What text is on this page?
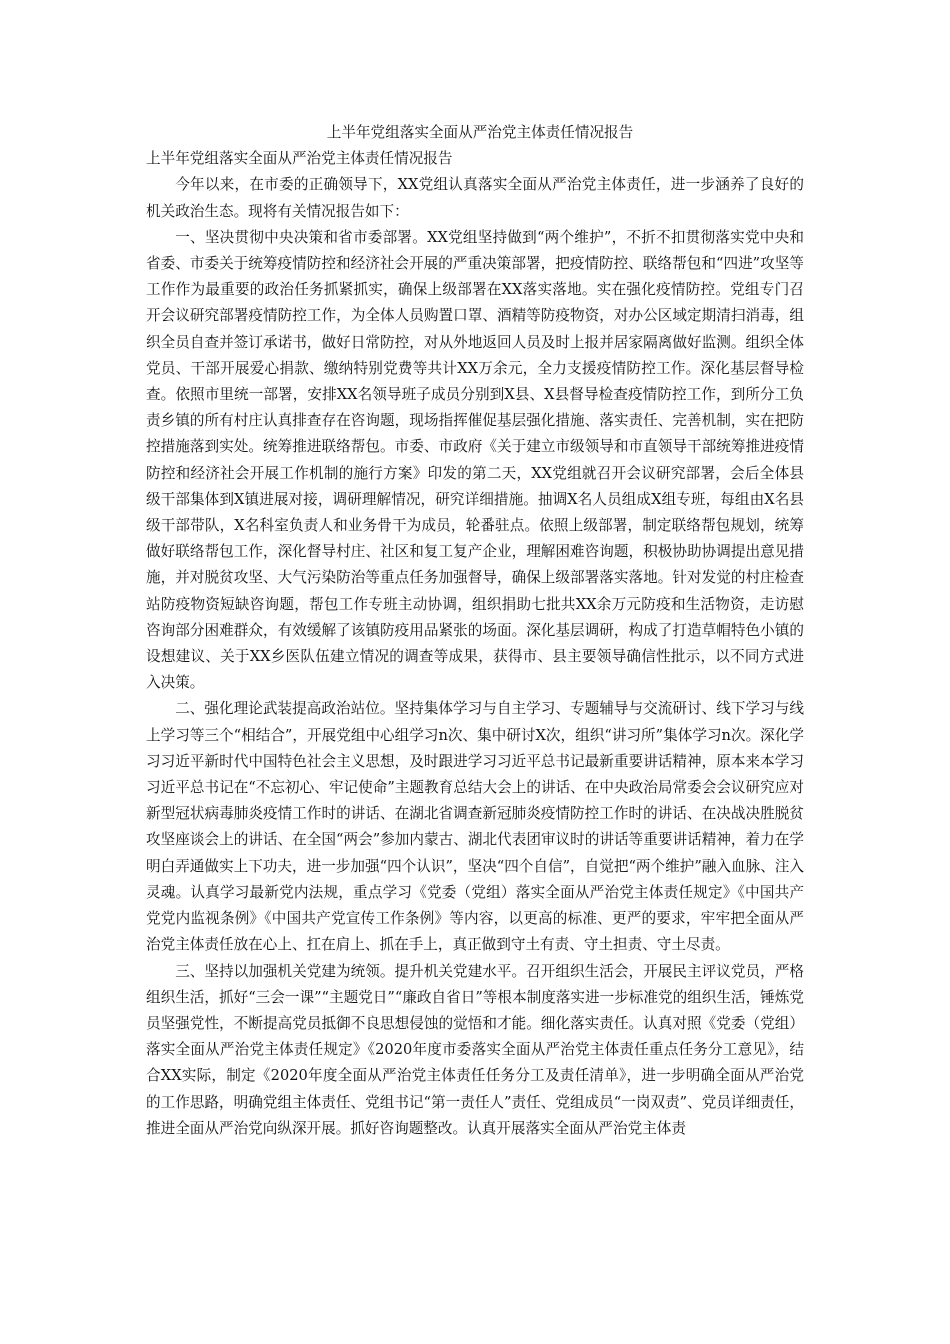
上半年党组落实全面从严治党主体责任情况报告
上半年党组落实全面从严治党主体责任情况报告

今年以来，在市委的正确领导下，XX党组认真落实全面从严治党主体责任，进一步涵养了良好的机关政治生态。现将有关情况报告如下：

一、坚决贯彻中央决策和省市委部署。XX党组坚持做到“两个维护”，不折不扣贯彻落实党中央和省委、市委关于统筹疫情防控和经济社会开展的严重决策部署，把疫情防控、联络帮包和“四进”攻坚等工作作为最重要的政治任务抓紧抓实，确保上级部署在XX落实落地。实在强化疫情防控。党组专门召开会议研究部署疫情防控工作，为全体人员购置口罩、酒精等防疫物资，对办公区域定期清扫消毒，组织全员自查并签订承诺书，做好日常防控，对从外地返回人员及时上报并居家隔离做好监测。组织全体党员、干部开展爱心捐款、缴纳特别党费等共计XX万余元，全力支援疫情防控工作。深化基层督导检查。依照市里统一部署，安排XX名领导班子成员分别到X县、X县督导检查疫情防控工作，到所分工负责乡镇的所有村庄认真排查存在咨询题，现场指挥催促基层强化措施、落实责任、完善机制，实在把防控措施落到实处。统筹推进联络帮包。市委、市政府《关于建立市级领导和市直领导干部统筹推进疫情防控和经济社会开展工作机制的施行方案》印发的第二天，XX党组就召开会议研究部署，会后全体县级干部集体到X镇进展对接，调研理解情况，研究详细措施。抽调X名人员组成X组专班，每组由X名县级干部带队，X名科室负责人和业务骨干为成员，轮番驻点。依照上级部署，制定联络帮包规划，统筹做好联络帮包工作，深化督导村庄、社区和复工复产企业，理解困难咨询题，积极协助协调提出意见措施，并对脱贫攻坚、大气污染防治等重点任务加强督导，确保上级部署落实落地。针对发觉的村庄检查站防疫物资短缺咨询题，帮包工作专班主动协调，组织捐助七批共XX余万元防疫和生活物资，走访慰咨询部分困难群众，有效缓解了该镇防疫用品紧张的场面。深化基层调研，构成了打造草帽特色小镇的设想建议、关于XX乡医队伍建立情况的调查等成果，获得市、县主要领导确信性批示，以不同方式进入决策。

二、强化理论武装提高政治站位。坚持集体学习与自主学习、专题辅导与交流研讨、线下学习与线上学习等三个“相结合”，开展党组中心组学习n次、集中研讨X次，组织“讲习所”集体学习n次。深化学习习近平新时代中国特色社会主义思想，及时跟进学习习近平总书记最新重要讲话精神，原本来本学习习近平总书记在“不忘初心、牢记使命”主题教育总结大会上的讲话、在中央政治局常委会会议研究应对新型冠状病毒肺炎疫情工作时的讲话、在湖北省调查新冠肺炎疫情防控工作时的讲话、在决战决胜脱贫攻坚座谈会上的讲话、在全国“两会”参加内蒙古、湖北代表团审议时的讲话等重要讲话精神，着力在学明白弄通做实上下功夫，进一步加强“四个认识”，坚决“四个自信”，自觉把“两个维护”融入血脉、注入灵魂。认真学习最新党内法规，重点学习《党委（党组）落实全面从严治党主体责任规定》《中国共产党党内监视条例》《中国共产党宣传工作条例》等内容，以更高的标准、更严的要求，牢牢把全面从严治党主体责任放在心上、扛在肩上、抓在手上，真正做到守土有责、守土担责、守土尽责。

三、坚持以加强机关党建为统领。提升机关党建水平。召开组织生活会，开展民主评议党员，严格组织生活，抓好“三会一课”“主题党日”“廉政自省日”等根本制度落实进一步标准党的组织生活，锤炼党员坚强党性，不断提高党员抵御不良思想侵蚀的觉悟和才能。细化落实责任。认真对照《党委（党组）落实全面从严治党主体责任规定》《2020年度市委落实全面从严治党主体责任重点任务分工意见》，结合XX实际，制定《2020年度全面从严治党主体责任任务分工及责任清单》，进一步明确全面从严治党的工作思路，明确党组主体责任、党组书记“第一责任人”责任、党组成员“一岗双责”、党员详细责任，推进全面从严治党向纵深开展。抓好咨询题整改。认真开展落实全面从严治党主体责
